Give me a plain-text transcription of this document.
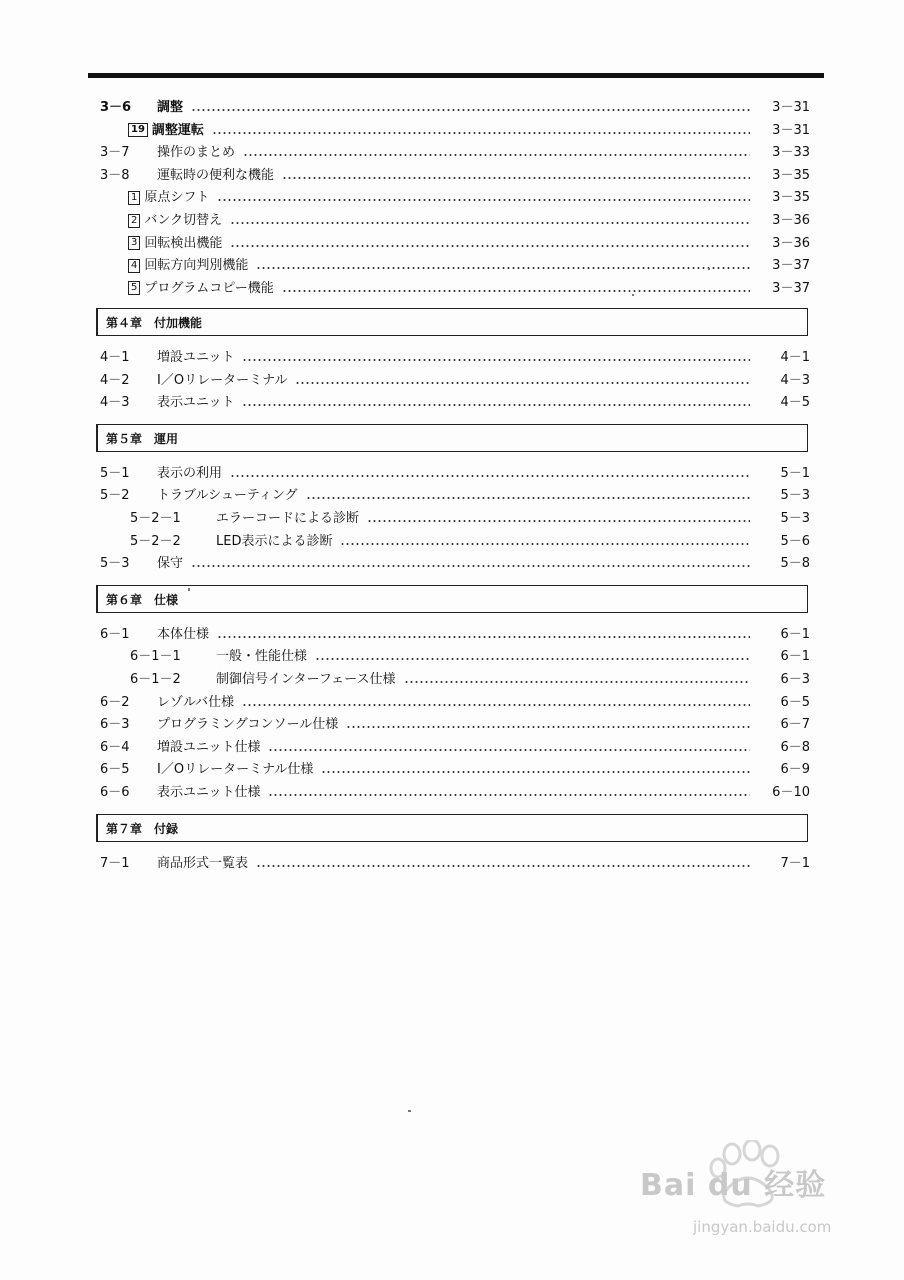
3－6 調整	3－31
19 調整運転	3－31
3－7 操作のまとめ	3－33
3－8 運転時の便利な機能	3－35
1 原点シフト	3－35
2 バンク切替え	3－36
3 回転検出機能	3－36
4 回転方向判別機能	3－37
5 プログラムコピー機能	3－37
第４章　付加機能
4－1 増設ユニット	4－1
4－2 I／Oリレーターミナル	4－3
4－3 表示ユニット	4－5
第５章　運用
5－1 表示の利用	5－1
5－2 トラブルシューティング	5－3
5－2－1	エラーコードによる診断	5－3
5－2－2	LED表示による診断	5－6
5－3 保守	5－8
第６章　仕様
6－1 本体仕様	6－1
6－1－1	一般・性能仕様	6－1
6－1－2	制御信号インターフェース仕様	6－3
6－2 レゾルバ仕様	6－5
6－3 プログラミングコンソール仕様	6－7
6－4 増設ユニット仕様	6－8
6－5 I／Oリレーターミナル仕様	6－9
6－6 表示ユニット仕様	6－10
第７章　付録
7－1 商品形式一覧表	7－1
Bai du 经验
jingyan.baidu.com
